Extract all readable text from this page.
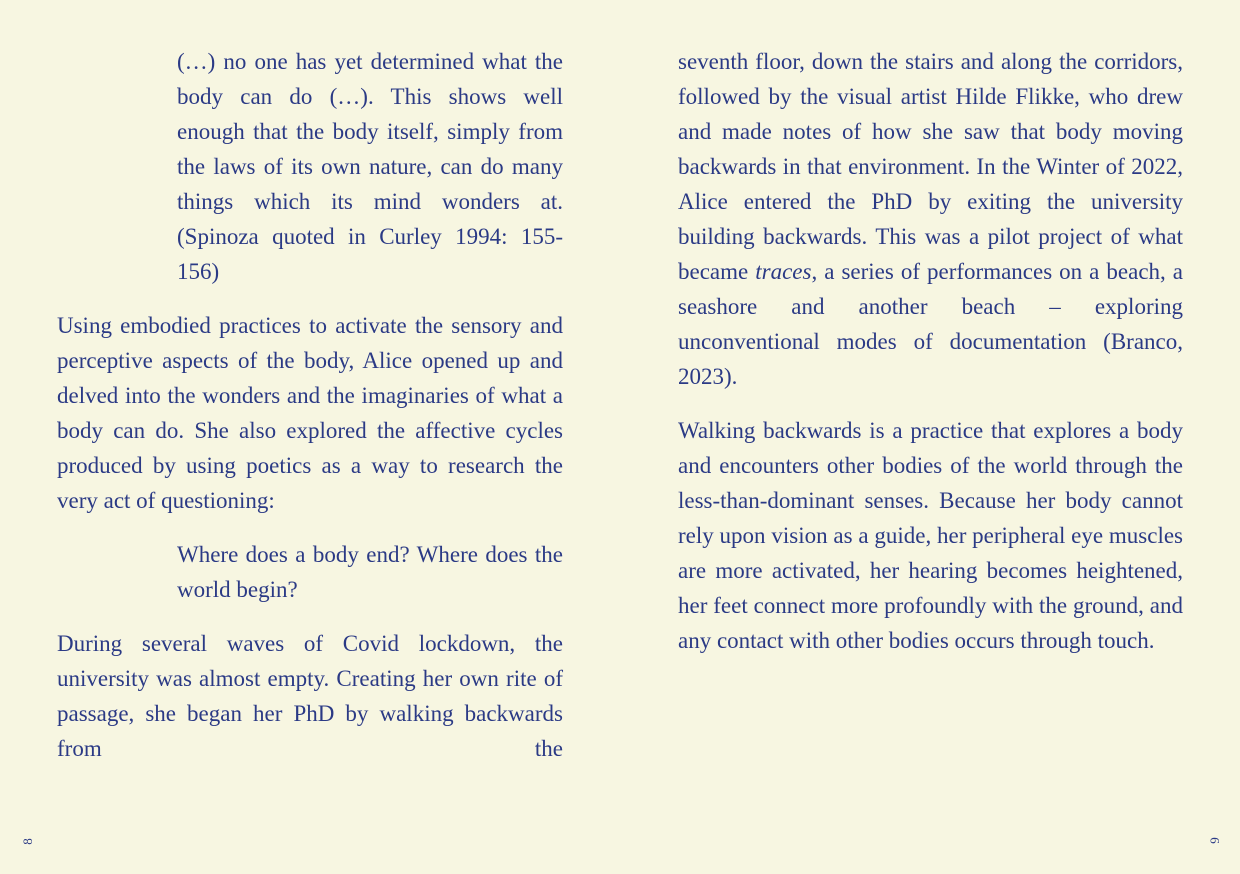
(…) no one has yet determined what the body can do (…). This shows well enough that the body itself, simply from the laws of its own nature, can do many things which its mind wonders at. (Spinoza quoted in Curley 1994: 155-156)

Using embodied practices to activate the sensory and perceptive aspects of the body, Alice opened up and delved into the wonders and the imaginaries of what a body can do. She also explored the affective cycles produced by using poetics as a way to research the very act of questioning:

Where does a body end? Where does the world begin?

During several waves of Covid lockdown, the university was almost empty. Creating her own rite of passage, she began her PhD by walking backwards from the

seventh floor, down the stairs and along the corridors, followed by the visual artist Hilde Flikke, who drew and made notes of how she saw that body moving backwards in that environment. In the Winter of 2022, Alice entered the PhD by exiting the university building backwards. This was a pilot project of what became traces, a series of performances on a beach, a seashore and another beach – exploring unconventional modes of documentation (Branco, 2023).

Walking backwards is a practice that explores a body and encounters other bodies of the world through the less-than-dominant senses. Because her body cannot rely upon vision as a guide, her peripheral eye muscles are more activated, her hearing becomes heightened, her feet connect more profoundly with the ground, and any contact with other bodies occurs through touch.

8	9
